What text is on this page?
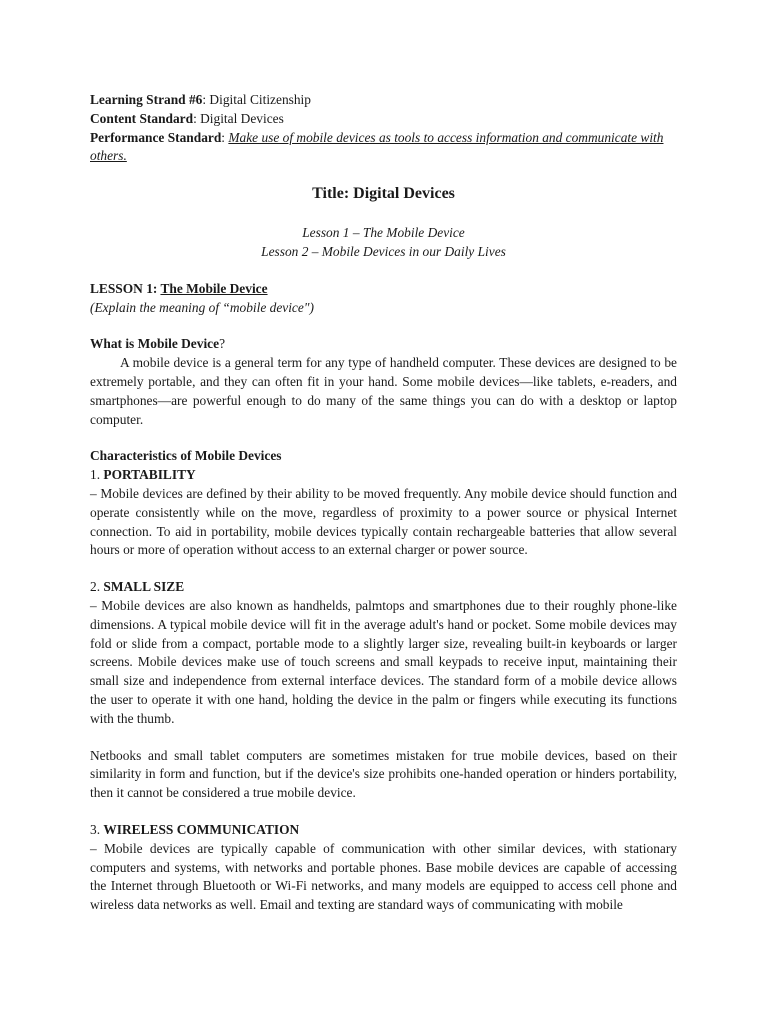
Learning Strand #6: Digital Citizenship

Content Standard: Digital Devices

Performance Standard: Make use of mobile devices as tools to access information and communicate with others.

Title: Digital Devices

Lesson 1 – The Mobile Device

Lesson 2 – Mobile Devices in our Daily Lives

LESSON 1: The Mobile Device

(Explain the meaning of “mobile device")

What is Mobile Device?

A mobile device is a general term for any type of handheld computer. These devices are designed to be extremely portable, and they can often fit in your hand. Some mobile devices—like tablets, e-readers, and smartphones—are powerful enough to do many of the same things you can do with a desktop or laptop computer.

Characteristics of Mobile Devices

1. PORTABILITY

– Mobile devices are defined by their ability to be moved frequently. Any mobile device should function and operate consistently while on the move, regardless of proximity to a power source or physical Internet connection. To aid in portability, mobile devices typically contain rechargeable batteries that allow several hours or more of operation without access to an external charger or power source.

2. SMALL SIZE

– Mobile devices are also known as handhelds, palmtops and smartphones due to their roughly phone-like dimensions. A typical mobile device will fit in the average adult's hand or pocket. Some mobile devices may fold or slide from a compact, portable mode to a slightly larger size, revealing built-in keyboards or larger screens. Mobile devices make use of touch screens and small keypads to receive input, maintaining their small size and independence from external interface devices. The standard form of a mobile device allows the user to operate it with one hand, holding the device in the palm or fingers while executing its functions with the thumb.

Netbooks and small tablet computers are sometimes mistaken for true mobile devices, based on their similarity in form and function, but if the device's size prohibits one-handed operation or hinders portability, then it cannot be considered a true mobile device.

3. WIRELESS COMMUNICATION

– Mobile devices are typically capable of communication with other similar devices, with stationary computers and systems, with networks and portable phones. Base mobile devices are capable of accessing the Internet through Bluetooth or Wi-Fi networks, and many models are equipped to access cell phone and wireless data networks as well. Email and texting are standard ways of communicating with mobile
